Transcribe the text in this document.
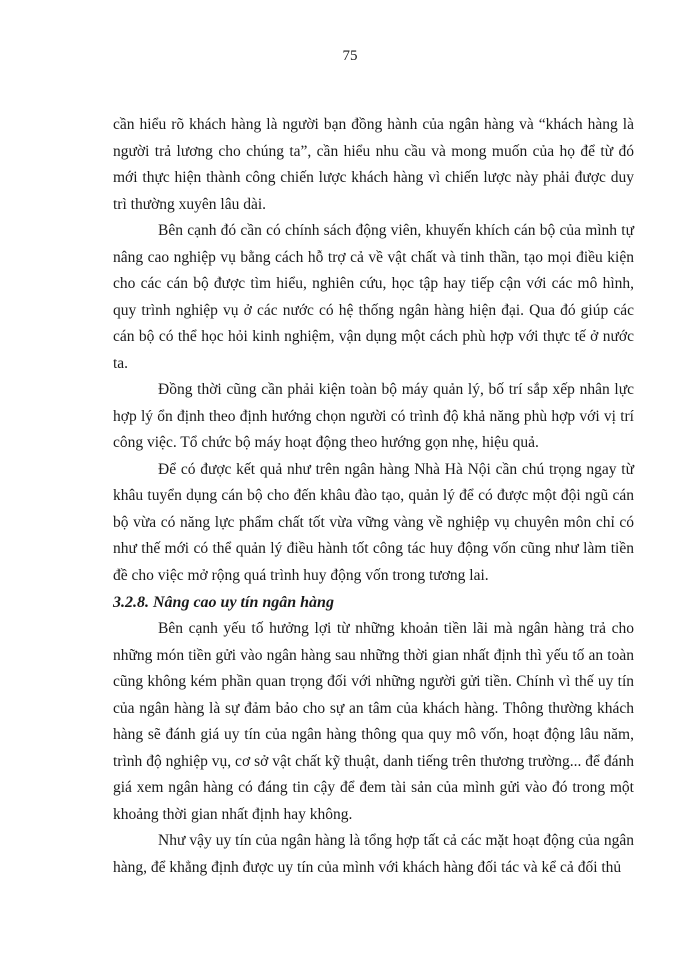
75

cần hiểu rõ khách hàng là người bạn đồng hành của ngân hàng và “khách hàng là người trả lương cho chúng ta”, cần hiểu nhu cầu và mong muốn của họ để từ đó mới thực hiện thành công chiến lược khách hàng vì chiến lược này phải được duy trì thường xuyên lâu dài.

Bên cạnh đó cần có chính sách động viên, khuyến khích cán bộ của mình tự nâng cao nghiệp vụ bằng cách hỗ trợ cả về vật chất và tinh thần, tạo mọi điều kiện cho các cán bộ được tìm hiểu, nghiên cứu, học tập hay tiếp cận với các mô hình, quy trình nghiệp vụ ở các nước có hệ thống ngân hàng hiện đại. Qua đó giúp các cán bộ có thể học hỏi kinh nghiệm, vận dụng một cách phù hợp với thực tế ở nước ta.

Đồng thời cũng cần phải kiện toàn bộ máy quản lý, bố trí sắp xếp nhân lực hợp lý ổn định theo định hướng chọn người có trình độ khả năng phù hợp với vị trí công việc. Tổ chức bộ máy hoạt động theo hướng gọn nhẹ, hiệu quả.

Để có được kết quả như trên ngân hàng Nhà Hà Nội cần chú trọng ngay từ khâu tuyển dụng cán bộ cho đến khâu đào tạo, quản lý để có được một đội ngũ cán bộ vừa có năng lực phẩm chất tốt vừa vững vàng về nghiệp vụ chuyên môn chỉ có như thế mới có thể quản lý điều hành tốt công tác huy động vốn cũng như làm tiền đề cho việc mở rộng quá trình huy động vốn trong tương lai.

3.2.8. Nâng cao uy tín ngân hàng

Bên cạnh yếu tố hưởng lợi từ những khoản tiền lãi mà ngân hàng trả cho những món tiền gửi vào ngân hàng sau những thời gian nhất định thì yếu tố an toàn cũng không kém phần quan trọng đối với những người gửi tiền. Chính vì thế uy tín của ngân hàng là sự đảm bảo cho sự an tâm của khách hàng. Thông thường khách hàng sẽ đánh giá uy tín của ngân hàng thông qua quy mô vốn, hoạt động lâu năm, trình độ nghiệp vụ, cơ sở vật chất kỹ thuật, danh tiếng trên thương trường... để đánh giá xem ngân hàng có đáng tin cậy để đem tài sản của mình gửi vào đó trong một khoảng thời gian nhất định hay không.

Như vậy uy tín của ngân hàng là tổng hợp tất cả các mặt hoạt động của ngân hàng, để khẳng định được uy tín của mình với khách hàng đối tác và kể cả đối thủ
